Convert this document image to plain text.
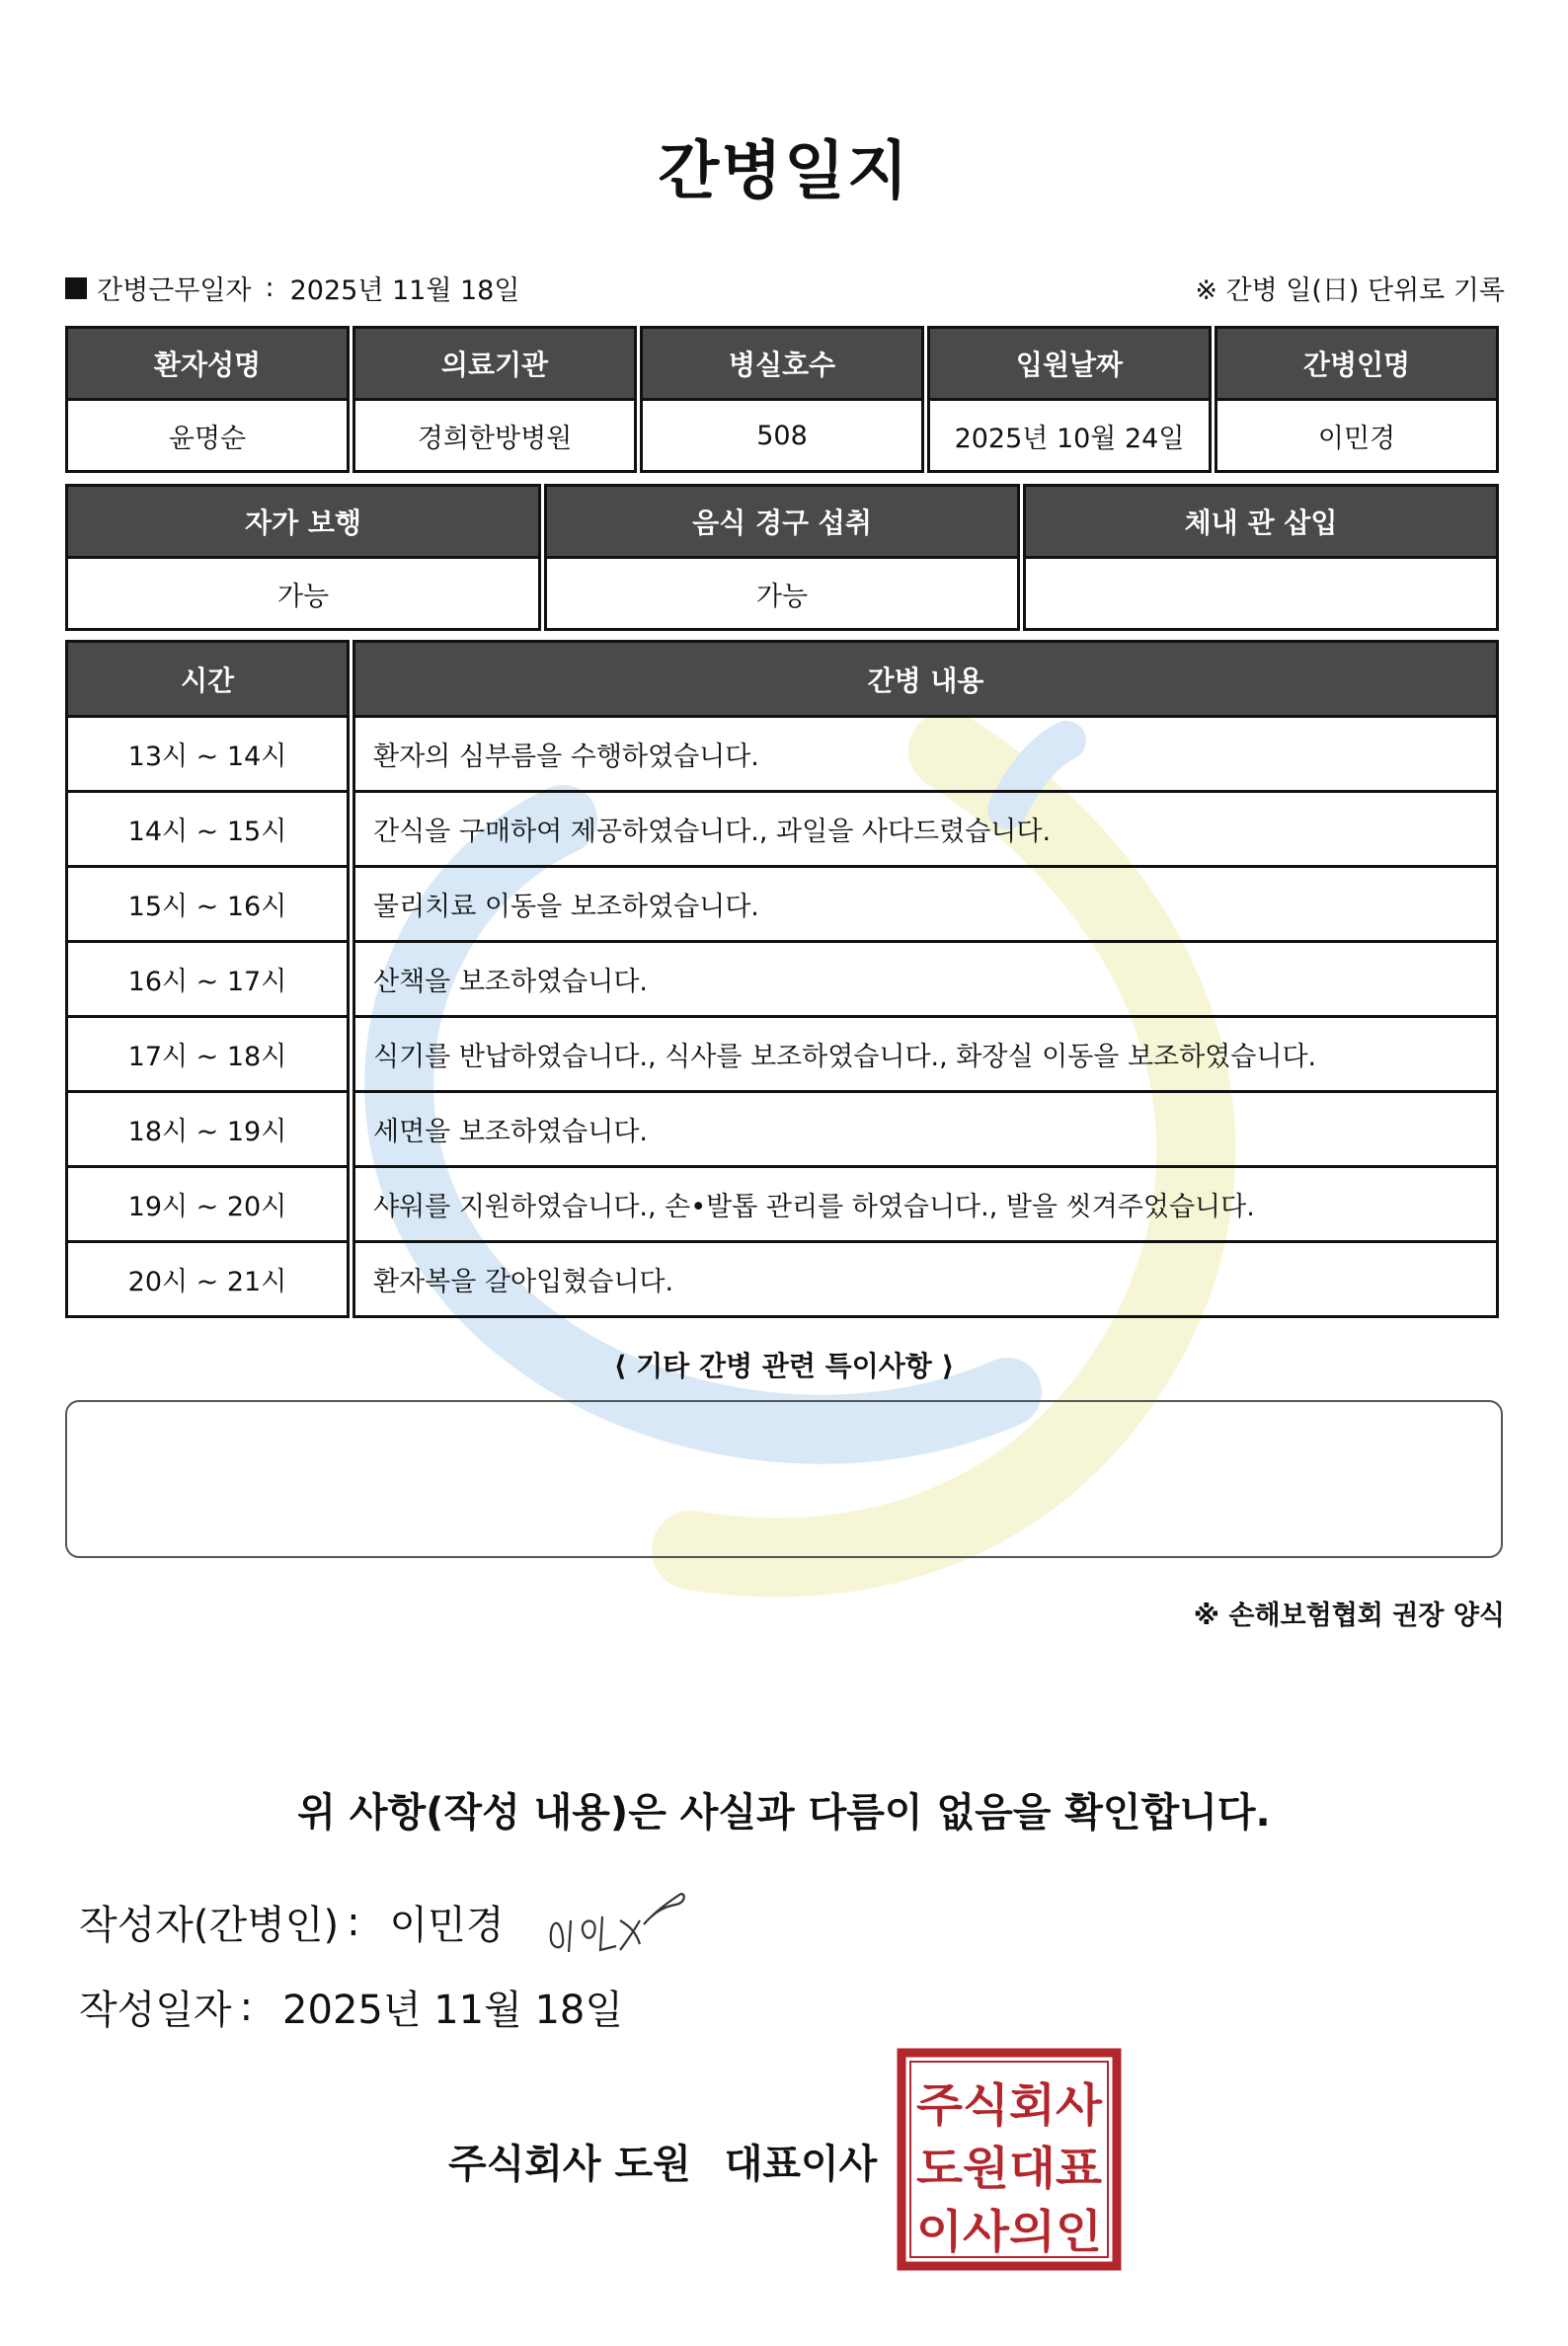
간병일지
간병근무일자 : 2025년 11월 18일	※ 간병 일(日) 단위로 기록
환자성명	의료기관	병실호수	입원날짜	간병인명
윤명순	경희한방병원	508	2025년 10월 24일	이민경
자가 보행	음식 경구 섭취	체내 관 삽입
가능	가능	
시간	간병 내용
13시 ~ 14시	환자의 심부름을 수행하였습니다.
14시 ~ 15시	간식을 구매하여 제공하였습니다., 과일을 사다드렸습니다.
15시 ~ 16시	물리치료 이동을 보조하였습니다.
16시 ~ 17시	산책을 보조하였습니다.
17시 ~ 18시	식기를 반납하였습니다., 식사를 보조하였습니다., 화장실 이동을 보조하였습니다.
18시 ~ 19시	세면을 보조하였습니다.
19시 ~ 20시	샤워를 지원하였습니다., 손•발톱 관리를 하였습니다., 발을 씻겨주었습니다.
20시 ~ 21시	환자복을 갈아입혔습니다.
⟨ 기타 간병 관련 특이사항 ⟩
※ 손해보험협회 권장 양식
위 사항(작성 내용)은 사실과 다름이 없음을 확인합니다.
작성자(간병인) : 이민경
작성일자 : 2025년 11월 18일
주식회사 도원 대표이사
주식회사
도원대표
이사의인
